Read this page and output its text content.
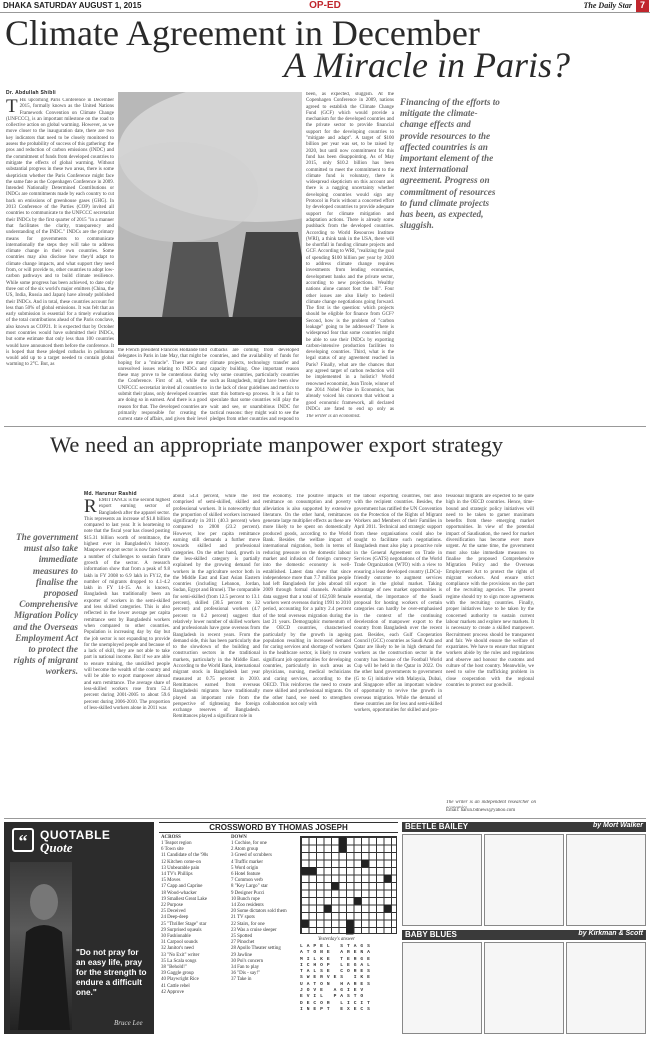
DHAKA SATURDAY AUGUST 1, 2015	OP-ED	The Daily Star 7
Climate Agreement in December
A Miracle in Paris?
Dr. Abdullah Shibli
THE upcoming Paris Conference in December 2015, formally known as the United Nations Framework Convention on Climate Change (UNFCCC), is an important milestone on the road to collective action on global warming. However, as we move closer to the inauguration date, there are two key indicators that need to be closely monitored to assess the probability of success of this gathering: the pros and reduction of carbon emissions (INDC) and the commitment of funds from developed countries to mitigate the effects of global warming. Without substantial progress in these two areas, there is some skepticism whether the Paris Conference might face the same fate as the Copenhagen Conference in 2009. Intended Nationally Determined Contributions or INDCs are commitments made by each country to cut back on emissions of greenhouse gases (GHG). In 2013 Conference of the Parties (COP) invited all countries to communicate to the UNFCCC secretariat their INDCs by the first quarter of 2015 "in a manner that facilitates the clarity, transparency and understanding of the INDC." INDCs are the primary means for governments to communicate internationally the steps they will take to address climate change in their own countries. Some countries may also disclose how they'd adapt to climate change impacts, and what support they need from, or will provide to, other countries to adopt low-carbon pathways and to build climate resilience. While some progress has been achieved, to date only three out of the six world's major emitters (China, the US, India, Russia and Japan) have already published their INDCs. And in total, these countries account for less than 50% of global emissions. It was felt that an early submission is essential for a timely evaluation of the total contributions ahead of the Paris conclave, also known as COP21. It is expected that by October most countries would have submitted their INDCs, but some estimate that only less than 100 countries would have announced them before the conference. It is hoped that these pledged cutbacks in pollutants would add up to a target needed to contain global warming to 2°C. But, as
the French president Francois Hollande told delegates in Paris in late May, that might be hoping for a "miracle". There are many unresolved issues relating to INDCs and these may prove to be contentious during the Conference. First of all, while the UNFCCC secretariat invited all countries to submit their plans, only developed countries are doing so in earnest. And there is a good reason for that. The developed countries are primarily responsible for creating the current state of affairs, and given their level
cutbacks are coming from developed countries, and the availability of funds for climate projects, technology transfer and capacity building. One important reason why some countries, particularly countries such as Bangladesh, might have been slow in the lack of clear guidelines and metrics to start this bottom-up process. It is a fair to speculate that some countries will play the wait and see, or unambitious INDC for tactical reasons: they might wait to see the pledges from other countries and respond to
been, as expected, sluggish. At the Copenhagen Conference in 2009, nations agreed to establish the Climate Change Fund (GCF) which would provide a mechanism for the developed countries and the private sector to provide financial support for the developing countries to "mitigate and adapt". A target of $100 billion per year was set, to be raised by 2020, but until now commitment for this fund has been disappointing. As of May 2015, only $10.2 billion has been committed to meet the commitment to the climate fund is voluntary, there is widespread skepticism on this account and there is a nagging uncertainty whether developing countries would sign any Protocol in Paris without a concerted effort by developed countries to provide adequate support for climate mitigation and adaptation actions. There is already some pushback from the developed countries. According to World Resources Institute (WRI), a think tank in the USA, there will be shortfall in funding climate projects and GCF. According to WRI, "realizing the goal of spending $100 billion per year by 2020 to address climate change requires investments from lending economies, development banks and the private sector, according to new projections. Wealthy nations alone cannot foot the bill". Four other issues are also likely to bedevil climate change negotiations going forward. The first is the question: which projects should be eligible for finance from GCF? Second, how is the problem of "carbon leakage" going to be addressed? There is widespread fear that some countries might be able to use their INDCs by exporting carbon-intensive production facilities to developing countries. Third, what is the legal status of any agreement reached in Paris? Finally, what are the chances that any agreed target of carbon reduction will be implemented in a holistic? World renowned economist, Jean Tirole, winner of the 2014 Nobel Prize in Economics, has already voiced his concern that without a good economic framework, all declared INDCs are fated to end up only as
The writer is an economist.
Financing of the efforts to mitigate the climate-change effects and provide resources to the affected countries is an important element of the next international agreement. Progress on commitment of resources to fund climate projects has been, as expected, sluggish.
We need an appropriate manpower export strategy
The government must also take immediate measures to finalise the proposed Comprehensive Migration Policy and the Overseas Employment Act to protect the rights of migrant workers.
Md. Harunur Rashid
REMITTANCE is the second highest export earning sector of Bangladesh after the apparel sector. This represents an increase of $1.8 billion compared to last year. It is heartening to note that the fiscal year has closed posting $15.31 billion worth of remittance, the highest ever in Bangladesh's history. Manpower export sector is now faced with a number of challenges to sustain future growth of the sector. A research information show that from a peak of 9.8 lakh in FY 2008 to 6.9 lakh in FY12, the number of migrants dropped to 4.1-4.2 lakh in FY 14-15. As is known, Bangladesh has traditionally been an exporter of workers in the semi-skilled and less skilled categories. This is also reflected in the lower average per capita remittance sent by Bangladeshi workers when compared to other countries. Population is increasing day by day but the job sector is not expanding to provide for the unemployed people and because of a lack of skill, they are not able to take part in national income. But if we are able to ensure training, the unskilled people will become the wealth of the country and will be able to export manpower abroad and earn remittance. The average share of less-skilled workers rose from 52.4 percent during 2001-2005 to about 59.6 percent during 2006-2010. The proportion of less-skilled workers alone in 2011 was
about 54.4 percent, while the rest comprised of semi-skilled, skilled and professional workers. It is noteworthy that the proportion of skilled workers increased significantly in 2011 (40.3 percent) when compared to 2000 (23.2 percent). However, low per capita remittance earning still demands a further move towards skilled and professional categories. On the other hand, growth in the less-skilled category is partially explained by the growing demand for workers in the agriculture sector both in the Middle East and East Asian Eastern countries (including Lebanon, Jordan, Sudan, Egypt and Brunei). The comparable for semi-skilled (from 12.5 percent to 13.1 percent), skilled (30.5 percent to 32 percent) and professional workers (4.7 percent to 0.2 percent) suggest that relatively lower number of skilled workers and professionals have gone overseas from Bangladesh in recent years. From the demand side, this has been particularly due to the slowdown of the building and construction sectors in the traditional markets, particularly in the Middle East. According to the World Bank, international migrant stock in Bangladesh last year measured at 0.75 percent in 2010. Remittances earned from overseas Bangladeshi migrants have traditionally played an important role from the perspective of tightening the foreign exchange reserves of Bangladesh. Remittances played a significant role in
the economy. The positive impacts of remittance on consumption and poverty alleviation is also supported by extensive literature. On the other hand, remittances generate large multiplier effects as these are more likely to be spent on domestically produced goods, according to the World Bank. Besides the welfare impact of international migration, both in terms of reducing pressure on the domestic labour market and infusion of foreign currency into the domestic economy is well-established. Latest data show that since independence more than 7.7 million people had left Bangladesh for jobs abroad till 2009 through formal channels. Available data suggest that a total of 162,938 female workers went overseas during 1991 to 2010 period, accounting for a paltry 2.4 percent of the total overseas migration during the last 21 years. Demographic momentum of the OECD countries, characterised particularly by the growth in ageing population resulting in increased demand for caring services and shortage of workers in the healthcare sector, is likely to create significant job opportunities for developing countries, particularly in such areas as physicians, nursing, medical technicians and caring services, according to the OECD. This reinforces the need to create more skilled and professional migrants. On the other hand, we need to strengthen collaboration not only with
the labour exporting countries, but also with the recipient countries. Besides, the government has ratified the UN Convention on the Protection of the Rights of Migrant Workers and Members of their Families in April 2011. Technical and strategic support from these organisations could also be sought to facilitate such negotiations. Bangladesh must also play a proactive role in the General Agreement on Trade in Services (GATS) negotiations of the World Trade Organization (WTO) with a view to ensuring a least developed country (LDCs)-friendly outcome to augment services export in the global market. Taking advantage of new market opportunities is essential, the importance of the Saudi proposal for hosting workers of certain categories can hardly be over-emphasised in the context of the continuing deceleration of manpower export to the country from Bangladesh over the recent past. Besides, each Gulf Cooperation Council (GCC) countries as Saudi Arab and Qatar are likely to be in high demand for workers as the construction sector in the country has because of the Football World Cup will be held in the Qatar in 2022. On the other hand governments to government (G to G) initiative with Malaysia, Dubai, and Singapore offer an important window of opportunity to revive the growth in overseas migration. While the demand of these countries are for less and semi-skilled workers, opportunities for skilled and pro-
fessional migrants are expected to be quite high in the OECD countries. Hence, time-bound and strategic policy initiatives will need to be taken to garner maximum benefits from these emerging market opportunities. In view of the potential impact of Saudisation, the need for market diversification has become ever more urgent. At the same time, the government must also take immediate measures to finalise the proposed Comprehensive Migration Policy and the Overseas Employment Act to protect the rights of migrant workers. And ensure strict compliance with the provisions on the part of the recruiting agencies. The present regime should try to sign more agreements with the recruiting countries. Finally, proper initiatives have to be taken by the concerned authority to sustain current labour markets and explore new markets. It is necessary to create a skilled manpower. Recruitment process should be transparent and fair. We should ensure the welfare of expatriates. We have to ensure that migrant workers abide by the rules and regulations and observe and honour the customs and culture of the host country. Meanwhile, we need to solve the trafficking problem in close cooperation with the regional countries to protect our goodwill.
The writer is an independent researcher on
Email: harun.bdnews@yahoo.com
“	QUOTABLE
Quote
"Do not pray for an easy life, pray for the strength to endure a difficult one."
Bruce Lee
CROSSWORD BY THOMAS JOSEPH
ACROSS
1 Teapot region
6 Town site
11 Candidate of the '90s
12 Kitchen come-on
13 Unbearable pain
14 TV's Phillips
15 Moves
17 Capp and Caprine
18 Wood-whacker
19 Smallest Great Lake
22 Purpose
25 Deceived
24 Deep-deep
25 "Thriller Stage" star
29 Surprised squeals
30 Fashionable
31 Carpool sounds
32 Janitor's need
33 "No Exit" writer
35 La Scala songs
38 "Behold!"
39 Gaggle group
40 Playwright Rice
41 Cattle rebel
42 Approve
DOWN
1 Cochise, for one
2 Atom group
3 Greed of scrubbers
4 Traffic marker
5 Word origin
6 Hotel feature
7 Common verb
8 "Key Largo" star
9 Designer Pucci
10 Bunch rope
14 Zoo residents
20 Some dictators sold them
21 TV spots
22 Stairs, for one
23 Was a cruise sleeper
25 Spotted
27 Pinochet
28 Apollo Theater setting
29 Jawline
30 Poi's concern
34 Fan to play
36 "Dis - say!"
37 Take in
Yesterday's answer
L A P E L   S T A G S
A T O N E   A R E N A
M I L K E   T E R G E
I C H O P   L E G A L
T A L S E   C O R E S
S W E R V E S   I K E
U A T O N   H A R E S
J O V E   A G I E V
E V I L   P A S T O
D E C O R   L I C I T
I N E P T   E X E C S
BEETLE BAILEY	by Mort Walker
BABY BLUES	by Kirkman & Scott
